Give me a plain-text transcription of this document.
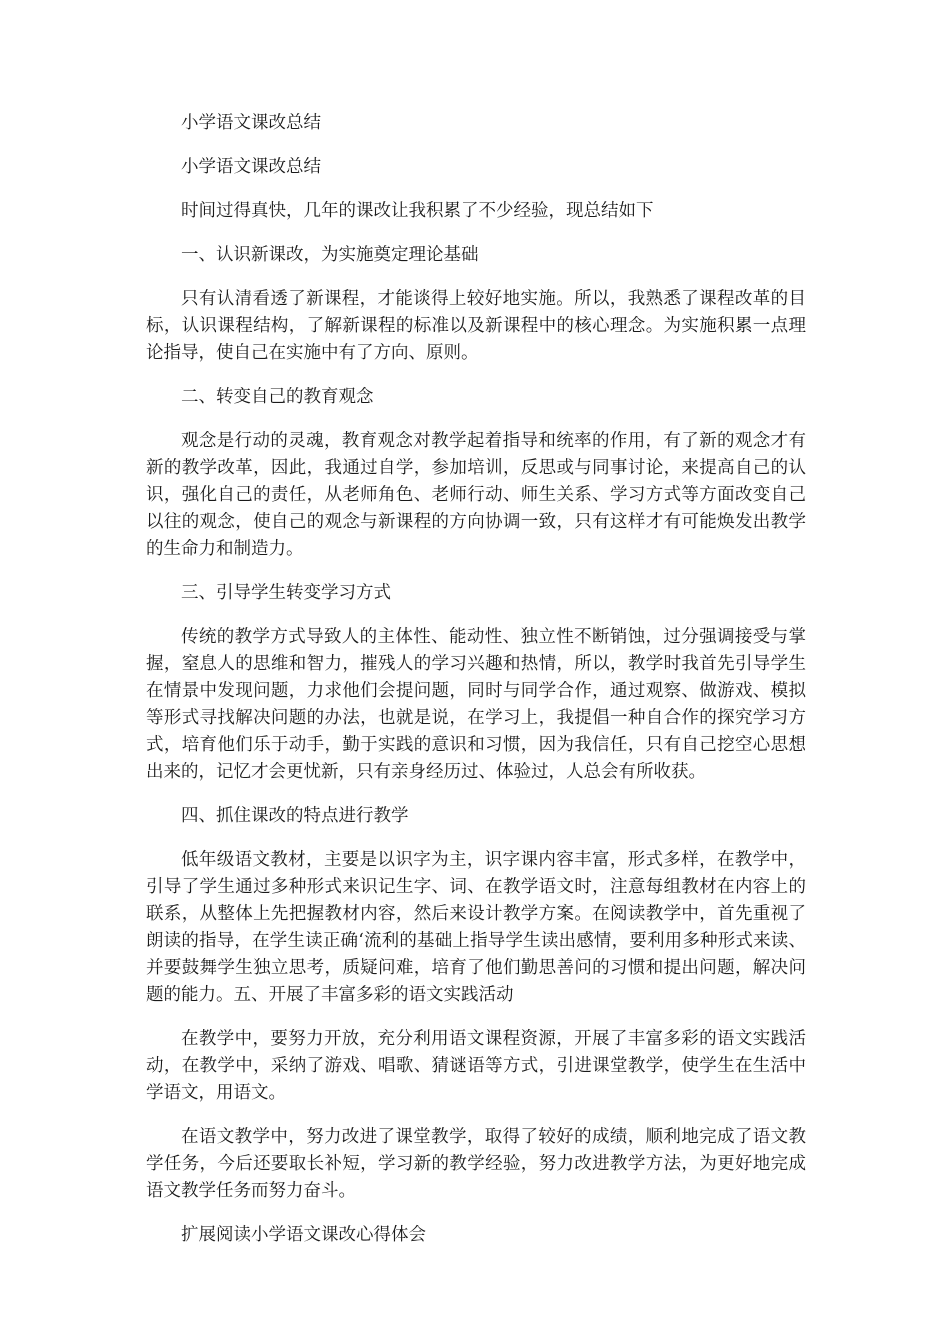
小学语文课改总结

小学语文课改总结

时间过得真快，几年的课改让我积累了不少经验，现总结如下

一、认识新课改，为实施奠定理论基础

只有认清看透了新课程，才能谈得上较好地实施。所以，我熟悉了课程改革的目标，认识课程结构，了解新课程的标准以及新课程中的核心理念。为实施积累一点理论指导，使自己在实施中有了方向、原则。

二、转变自己的教育观念

观念是行动的灵魂，教育观念对教学起着指导和统率的作用，有了新的观念才有新的教学改革，因此，我通过自学，参加培训，反思或与同事讨论，来提高自己的认识，强化自己的责任，从老师角色、老师行动、师生关系、学习方式等方面改变自己以往的观念，使自己的观念与新课程的方向协调一致，只有这样才有可能焕发出教学的生命力和制造力。

三、引导学生转变学习方式

传统的教学方式导致人的主体性、能动性、独立性不断销蚀，过分强调接受与掌握，窒息人的思维和智力，摧残人的学习兴趣和热情，所以，教学时我首先引导学生在情景中发现问题，力求他们会提问题，同时与同学合作，通过观察、做游戏、模拟等形式寻找解决问题的办法，也就是说，在学习上，我提倡一种自合作的探究学习方式，培育他们乐于动手，勤于实践的意识和习惯，因为我信任，只有自己挖空心思想出来的，记忆才会更忧新，只有亲身经历过、体验过，人总会有所收获。

四、抓住课改的特点进行教学

低年级语文教材，主要是以识字为主，识字课内容丰富，形式多样，在教学中，引导了学生通过多种形式来识记生字、词、在教学语文时，注意每组教材在内容上的联系，从整体上先把握教材内容，然后来设计教学方案。在阅读教学中，首先重视了朗读的指导，在学生读正确‘流利的基础上指导学生读出感情，要利用多种形式来读、并要鼓舞学生独立思考，质疑问难，培育了他们勤思善问的习惯和提出问题，解决问题的能力。五、开展了丰富多彩的语文实践活动

在教学中，要努力开放，充分利用语文课程资源，开展了丰富多彩的语文实践活动，在教学中，采纳了游戏、唱歌、猜谜语等方式，引进课堂教学，使学生在生活中学语文，用语文。

在语文教学中，努力改进了课堂教学，取得了较好的成绩，顺利地完成了语文教学任务，今后还要取长补短，学习新的教学经验，努力改进教学方法，为更好地完成语文教学任务而努力奋斗。

扩展阅读小学语文课改心得体会
